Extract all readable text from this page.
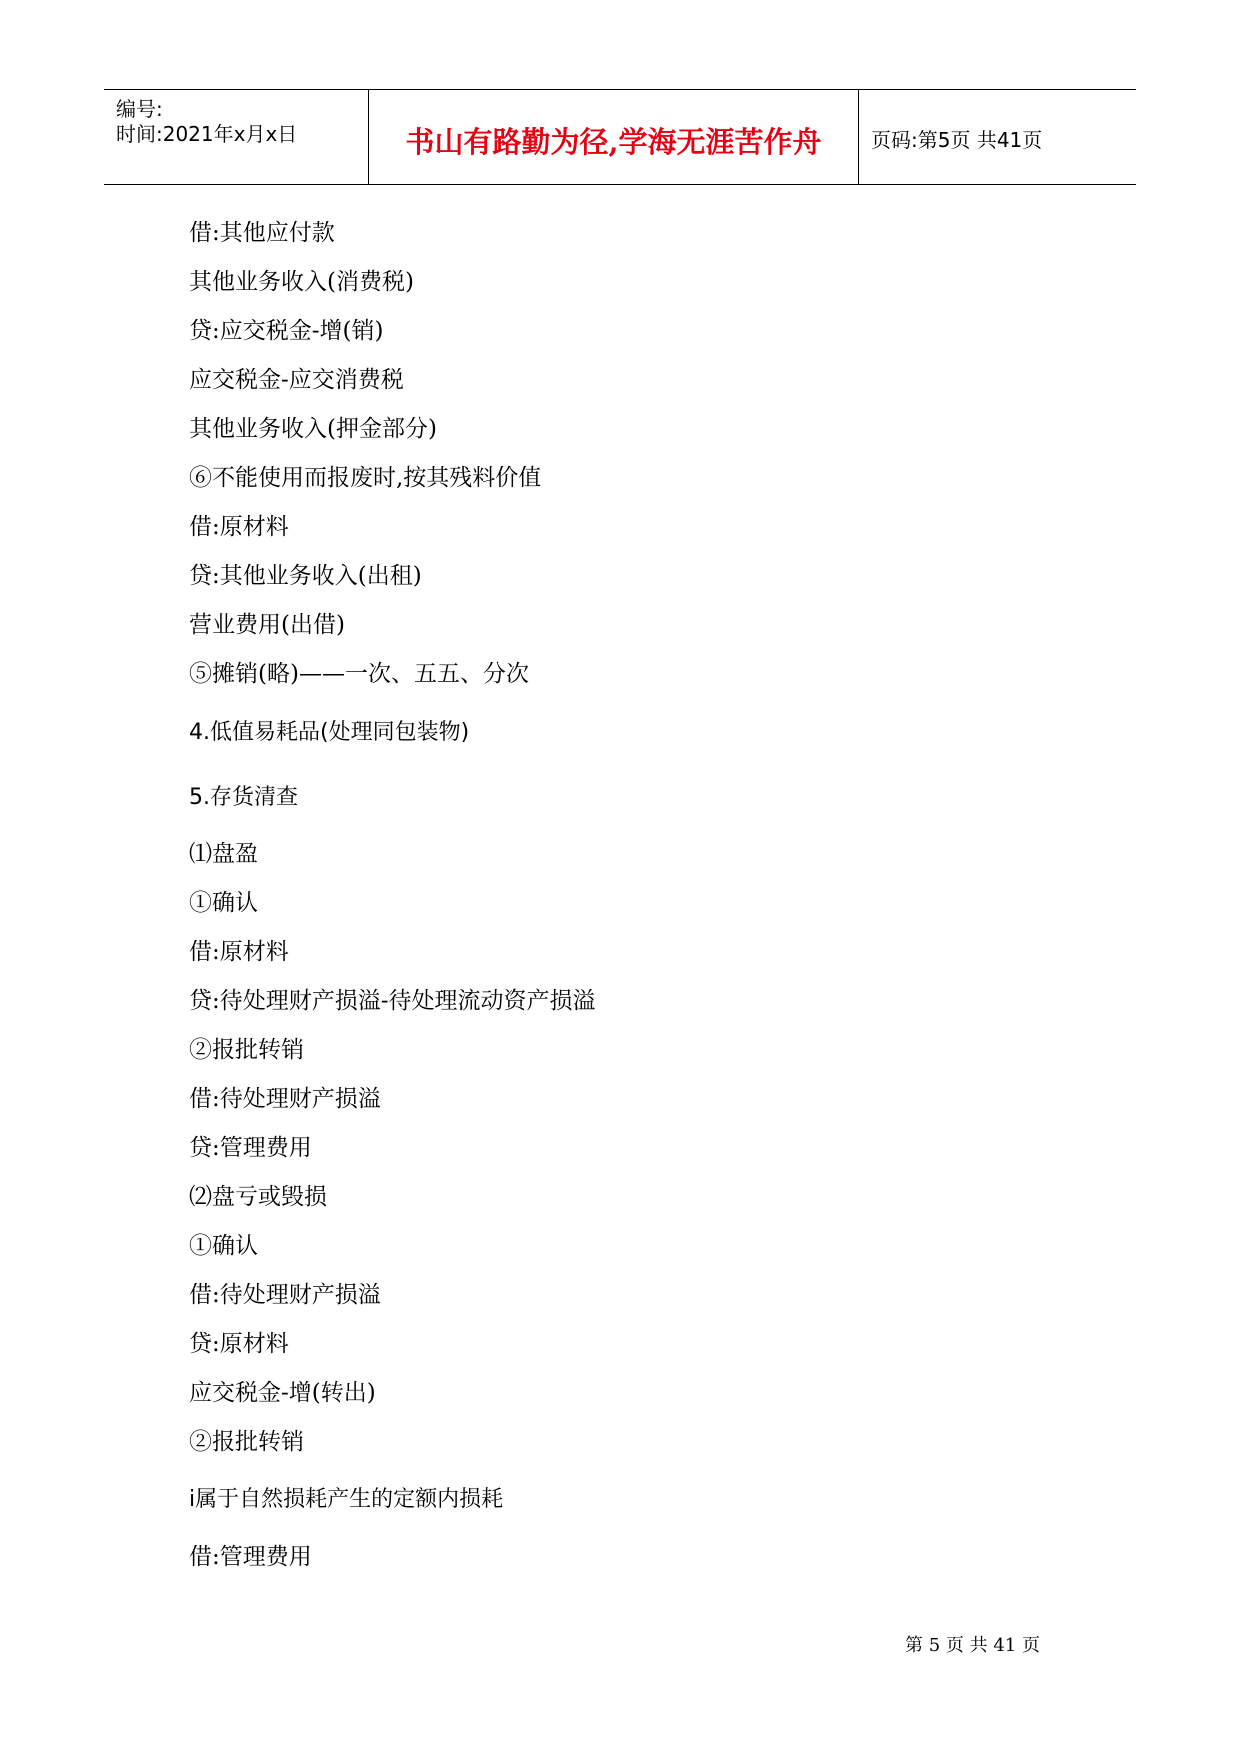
编号:
时间:2021年x月x日	书山有路勤为径,学海无涯苦作舟	页码:第5页 共41页
借:其他应付款
其他业务收入(消费税)
贷:应交税金-增(销)
应交税金-应交消费税
其他业务收入(押金部分)
⑥不能使用而报废时,按其残料价值
借:原材料
贷:其他业务收入(出租)
营业费用(出借)
⑤摊销(略)——一次、五五、分次
4.低值易耗品(处理同包装物)
5.存货清查
⑴盘盈
①确认
借:原材料
贷:待处理财产损溢-待处理流动资产损溢
②报批转销
借:待处理财产损溢
贷:管理费用
⑵盘亏或毁损
①确认
借:待处理财产损溢
贷:原材料
应交税金-增(转出)
②报批转销
i属于自然损耗产生的定额内损耗
借:管理费用
第 5 页 共 41 页
